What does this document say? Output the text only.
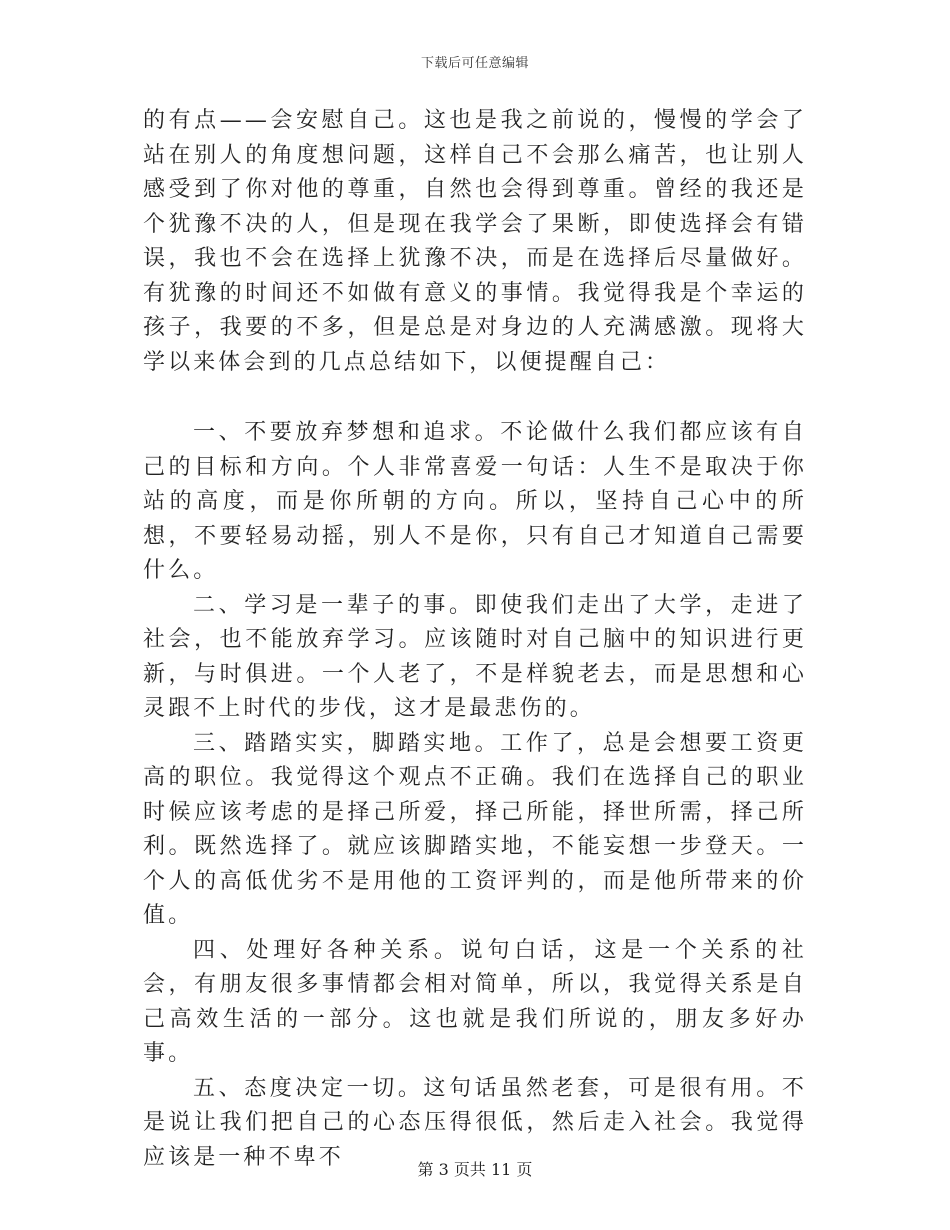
下载后可任意编辑

的有点——会安慰自己。这也是我之前说的，慢慢的学会了站在别人的角度想问题，这样自己不会那么痛苦，也让别人感受到了你对他的尊重，自然也会得到尊重。曾经的我还是个犹豫不决的人，但是现在我学会了果断，即使选择会有错误，我也不会在选择上犹豫不决，而是在选择后尽量做好。有犹豫的时间还不如做有意义的事情。我觉得我是个幸运的孩子，我要的不多，但是总是对身边的人充满感激。现将大学以来体会到的几点总结如下，以便提醒自己：

一、不要放弃梦想和追求。不论做什么我们都应该有自己的目标和方向。个人非常喜爱一句话：人生不是取决于你站的高度，而是你所朝的方向。所以，坚持自己心中的所想，不要轻易动摇，别人不是你，只有自己才知道自己需要什么。

二、学习是一辈子的事。即使我们走出了大学，走进了社会，也不能放弃学习。应该随时对自己脑中的知识进行更新，与时俱进。一个人老了，不是样貌老去，而是思想和心灵跟不上时代的步伐，这才是最悲伤的。

三、踏踏实实，脚踏实地。工作了，总是会想要工资更高的职位。我觉得这个观点不正确。我们在选择自己的职业时候应该考虑的是择己所爱，择己所能，择世所需，择己所利。既然选择了。就应该脚踏实地，不能妄想一步登天。一个人的高低优劣不是用他的工资评判的，而是他所带来的价值。

四、处理好各种关系。说句白话，这是一个关系的社会，有朋友很多事情都会相对简单，所以，我觉得关系是自己高效生活的一部分。这也就是我们所说的，朋友多好办事。

五、态度决定一切。这句话虽然老套，可是很有用。不是说让我们把自己的心态压得很低，然后走入社会。我觉得应该是一种不卑不	第 3 页共 11 页
